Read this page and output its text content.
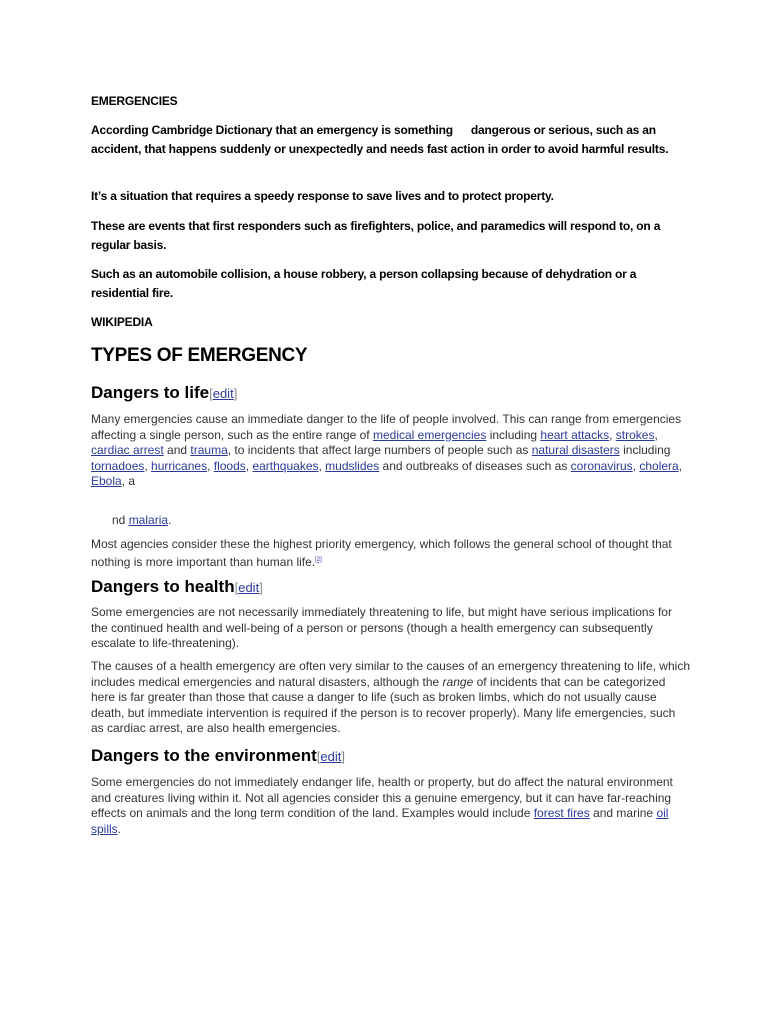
EMERGENCIES
According Cambridge Dictionary that an emergency is something dangerous or serious, such as an accident, that happens suddenly or unexpectedly and needs fast action in order to avoid harmful results.
It’s a situation that requires a speedy response to save lives and to protect property.
These are events that first responders such as firefighters, police, and paramedics will respond to, on a regular basis.
Such as an automobile collision, a house robbery, a person collapsing because of dehydration or a residential fire.
WIKIPEDIA
TYPES OF EMERGENCY
Dangers to life[edit]
Many emergencies cause an immediate danger to the life of people involved. This can range from emergencies affecting a single person, such as the entire range of medical emergencies including heart attacks, strokes, cardiac arrest and trauma, to incidents that affect large numbers of people such as natural disasters including tornadoes, hurricanes, floods, earthquakes, mudslides and outbreaks of diseases such as coronavirus, cholera, Ebola, a
nd malaria.
Most agencies consider these the highest priority emergency, which follows the general school of thought that nothing is more important than human life.[2]
Dangers to health[edit]
Some emergencies are not necessarily immediately threatening to life, but might have serious implications for the continued health and well-being of a person or persons (though a health emergency can subsequently escalate to life-threatening).
The causes of a health emergency are often very similar to the causes of an emergency threatening to life, which includes medical emergencies and natural disasters, although the range of incidents that can be categorized here is far greater than those that cause a danger to life (such as broken limbs, which do not usually cause death, but immediate intervention is required if the person is to recover properly). Many life emergencies, such as cardiac arrest, are also health emergencies.
Dangers to the environment[edit]
Some emergencies do not immediately endanger life, health or property, but do affect the natural environment and creatures living within it. Not all agencies consider this a genuine emergency, but it can have far-reaching effects on animals and the long term condition of the land. Examples would include forest fires and marine oil spills.
